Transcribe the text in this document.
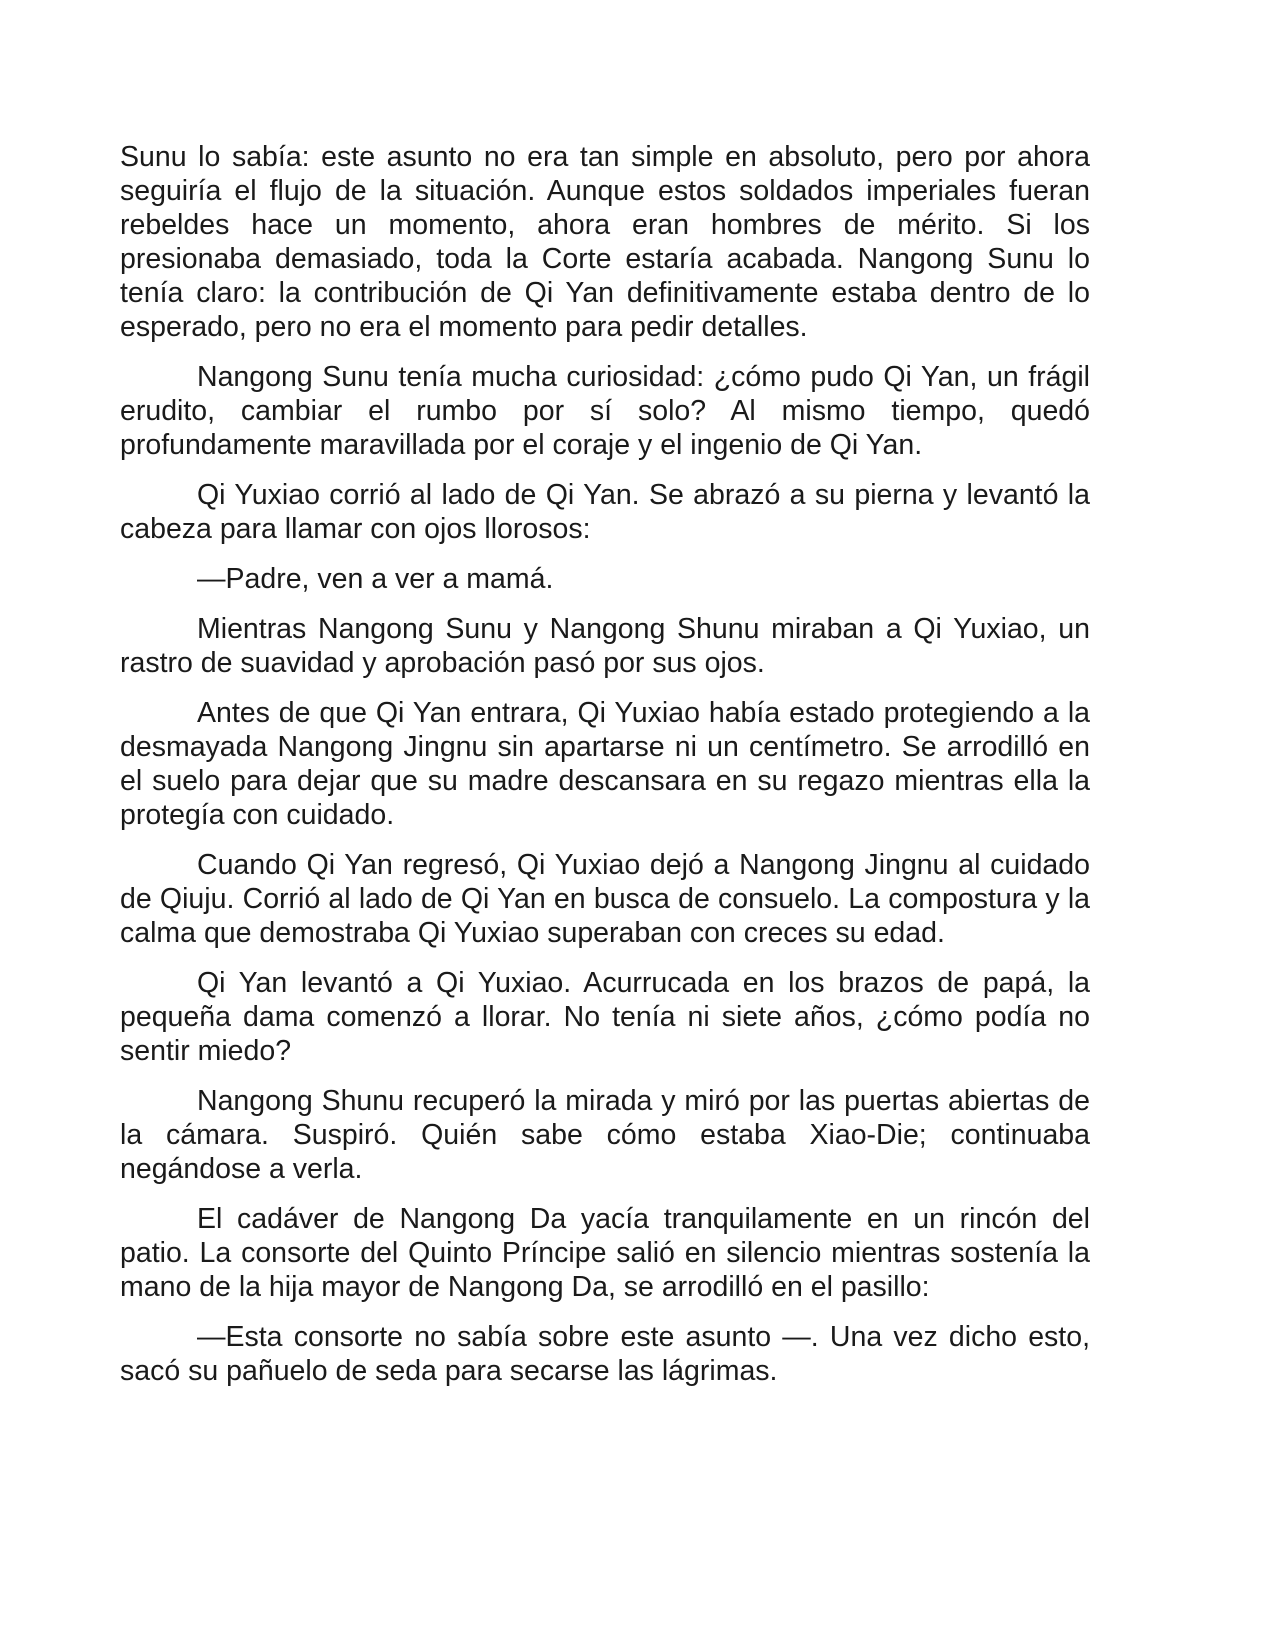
Sunu lo sabía: este asunto no era tan simple en absoluto, pero por ahora seguiría el flujo de la situación. Aunque estos soldados imperiales fueran rebeldes hace un momento, ahora eran hombres de mérito. Si los presionaba demasiado, toda la Corte estaría acabada. Nangong Sunu lo tenía claro: la contribución de Qi Yan definitivamente estaba dentro de lo esperado, pero no era el momento para pedir detalles.

Nangong Sunu tenía mucha curiosidad: ¿cómo pudo Qi Yan, un frágil erudito, cambiar el rumbo por sí solo? Al mismo tiempo, quedó profundamente maravillada por el coraje y el ingenio de Qi Yan.

Qi Yuxiao corrió al lado de Qi Yan. Se abrazó a su pierna y levantó la cabeza para llamar con ojos llorosos:

—Padre, ven a ver a mamá.

Mientras Nangong Sunu y Nangong Shunu miraban a Qi Yuxiao, un rastro de suavidad y aprobación pasó por sus ojos.

Antes de que Qi Yan entrara, Qi Yuxiao había estado protegiendo a la desmayada Nangong Jingnu sin apartarse ni un centímetro. Se arrodilló en el suelo para dejar que su madre descansara en su regazo mientras ella la protegía con cuidado.

Cuando Qi Yan regresó, Qi Yuxiao dejó a Nangong Jingnu al cuidado de Qiuju. Corrió al lado de Qi Yan en busca de consuelo. La compostura y la calma que demostraba Qi Yuxiao superaban con creces su edad.

Qi Yan levantó a Qi Yuxiao. Acurrucada en los brazos de papá, la pequeña dama comenzó a llorar. No tenía ni siete años, ¿cómo podía no sentir miedo?

Nangong Shunu recuperó la mirada y miró por las puertas abiertas de la cámara. Suspiró. Quién sabe cómo estaba Xiao-Die; continuaba negándose a verla.

El cadáver de Nangong Da yacía tranquilamente en un rincón del patio. La consorte del Quinto Príncipe salió en silencio mientras sostenía la mano de la hija mayor de Nangong Da, se arrodilló en el pasillo:

—Esta consorte no sabía sobre este asunto —. Una vez dicho esto, sacó su pañuelo de seda para secarse las lágrimas.
